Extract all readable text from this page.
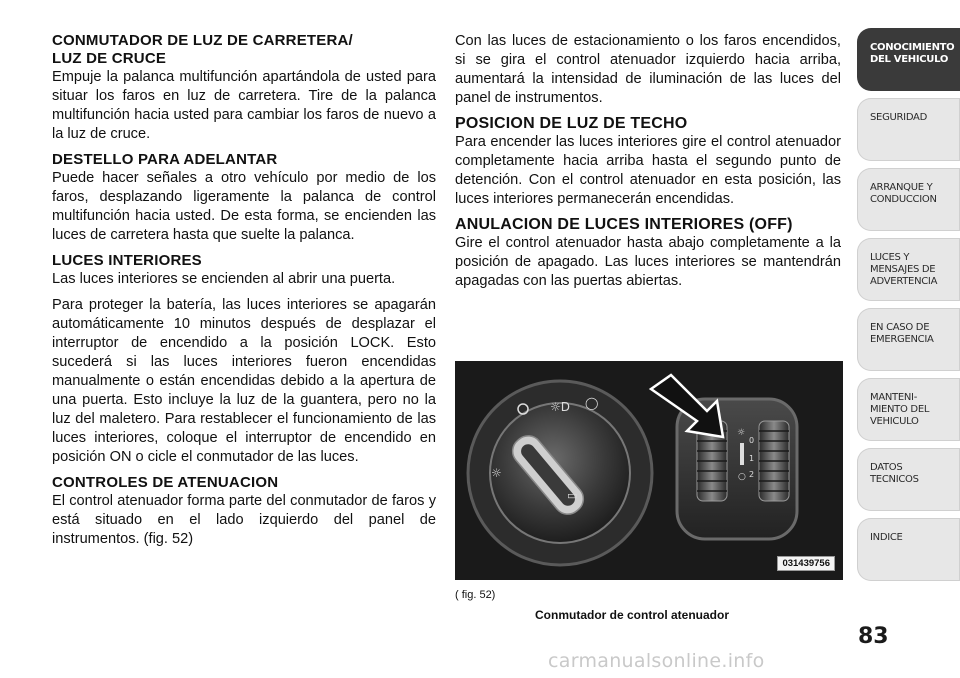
CONMUTADOR DE LUZ DE CARRETERA/
LUZ DE CRUCE

Empuje la palanca multifunción apartándola de usted para situar los faros en luz de carretera. Tire de la palanca multifunción hacia usted para cambiar los faros de nuevo a la luz de cruce.

DESTELLO PARA ADELANTAR

Puede hacer señales a otro vehículo por medio de los faros, desplazando ligeramente la palanca de control multifunción hacia usted. De esta forma, se encienden las luces de carretera hasta que suelte la palanca.

LUCES INTERIORES

Las luces interiores se encienden al abrir una puerta.

Para proteger la batería, las luces interiores se apagarán automáticamente 10 minutos después de desplazar el interruptor de encendido a la posición LOCK. Esto sucederá si las luces interiores fueron encendidas manualmente o están encendidas debido a la apertura de una puerta. Esto incluye la luz de la guantera, pero no la luz del maletero. Para restablecer el funcionamiento de las luces interiores, coloque el interruptor de encendido en posición ON o cicle el conmutador de las luces.

CONTROLES DE ATENUACION

El control atenuador forma parte del conmutador de faros y está situado en el lado izquierdo del panel de instrumentos. (fig. 52)

Con las luces de estacionamiento o los faros encendidos, si se gira el control atenuador izquierdo hacia arriba, aumentará la intensidad de iluminación de las luces del panel de instrumentos.

POSICION DE LUZ DE TECHO

Para encender las luces interiores gire el control atenuador completamente hacia arriba hasta el segundo punto de detención. Con el control atenuador en esta posición, las luces interiores permanecerán encendidas.

ANULACION DE LUCES INTERIORES (OFF)

Gire el control atenuador hasta abajo completamente a la posición de apagado. Las luces interiores se mantendrán apagadas con las puertas abiertas.

☼D ◯
☼
▭
☼
○
0
1
2
031439756
( fig. 52)
Conmutador de control atenuador
CONOCIMIENTO
DEL VEHICULO
SEGURIDAD
ARRANQUE Y
CONDUCCION
LUCES Y
MENSAJES DE
ADVERTENCIA
EN CASO DE
EMERGENCIA
MANTENI-
MIENTO DEL
VEHICULO
DATOS
TECNICOS
INDICE
83
carmanualsonline.info
